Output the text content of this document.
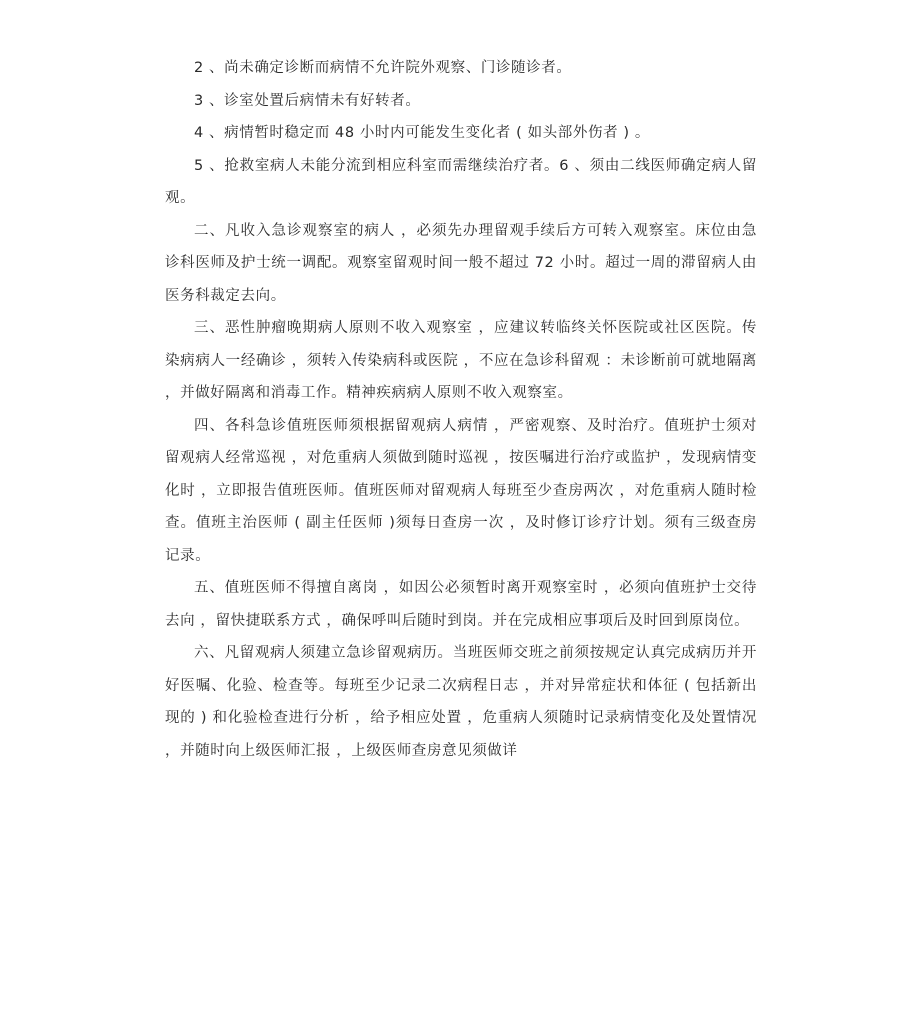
2 、尚未确定诊断而病情不允许院外观察、门诊随诊者。

3 、诊室处置后病情未有好转者。

4 、病情暂时稳定而 48 小时内可能发生变化者 ( 如头部外伤者 ) 。

5 、抢救室病人未能分流到相应科室而需继续治疗者。6 、须由二线医师确定病人留观。

二、凡收入急诊观察室的病人 ，必须先办理留观手续后方可转入观察室。床位由急诊科医师及护士统一调配。观察室留观时间一般不超过 72 小时。超过一周的滞留病人由医务科裁定去向。

三、恶性肿瘤晚期病人原则不收入观察室 ，应建议转临终关怀医院或社区医院。传染病病人一经确诊 ，须转入传染病科或医院 ，不应在急诊科留观 ：未诊断前可就地隔离 ，并做好隔离和消毒工作。精神疾病病人原则不收入观察室。

四、各科急诊值班医师须根据留观病人病情 ，严密观察、及时治疗。值班护士须对留观病人经常巡视 ，对危重病人须做到随时巡视 ，按医嘱进行治疗或监护 ，发现病情变化时 ，立即报告值班医师。值班医师对留观病人每班至少查房两次 ，对危重病人随时检查。值班主治医师 ( 副主任医师 )须每日查房一次 ，及时修订诊疗计划。须有三级查房记录。

五、值班医师不得擅自离岗 ，如因公必须暂时离开观察室时 ，必须向值班护士交待去向 ，留快捷联系方式 ，确保呼叫后随时到岗。并在完成相应事项后及时回到原岗位。

六、凡留观病人须建立急诊留观病历。当班医师交班之前须按规定认真完成病历并开好医嘱、化验、检查等。每班至少记录二次病程日志 ，并对异常症状和体征 ( 包括新出现的 ) 和化验检查进行分析 ，给予相应处置 ，危重病人须随时记录病情变化及处置情况 ，并随时向上级医师汇报 ，上级医师查房意见须做详
